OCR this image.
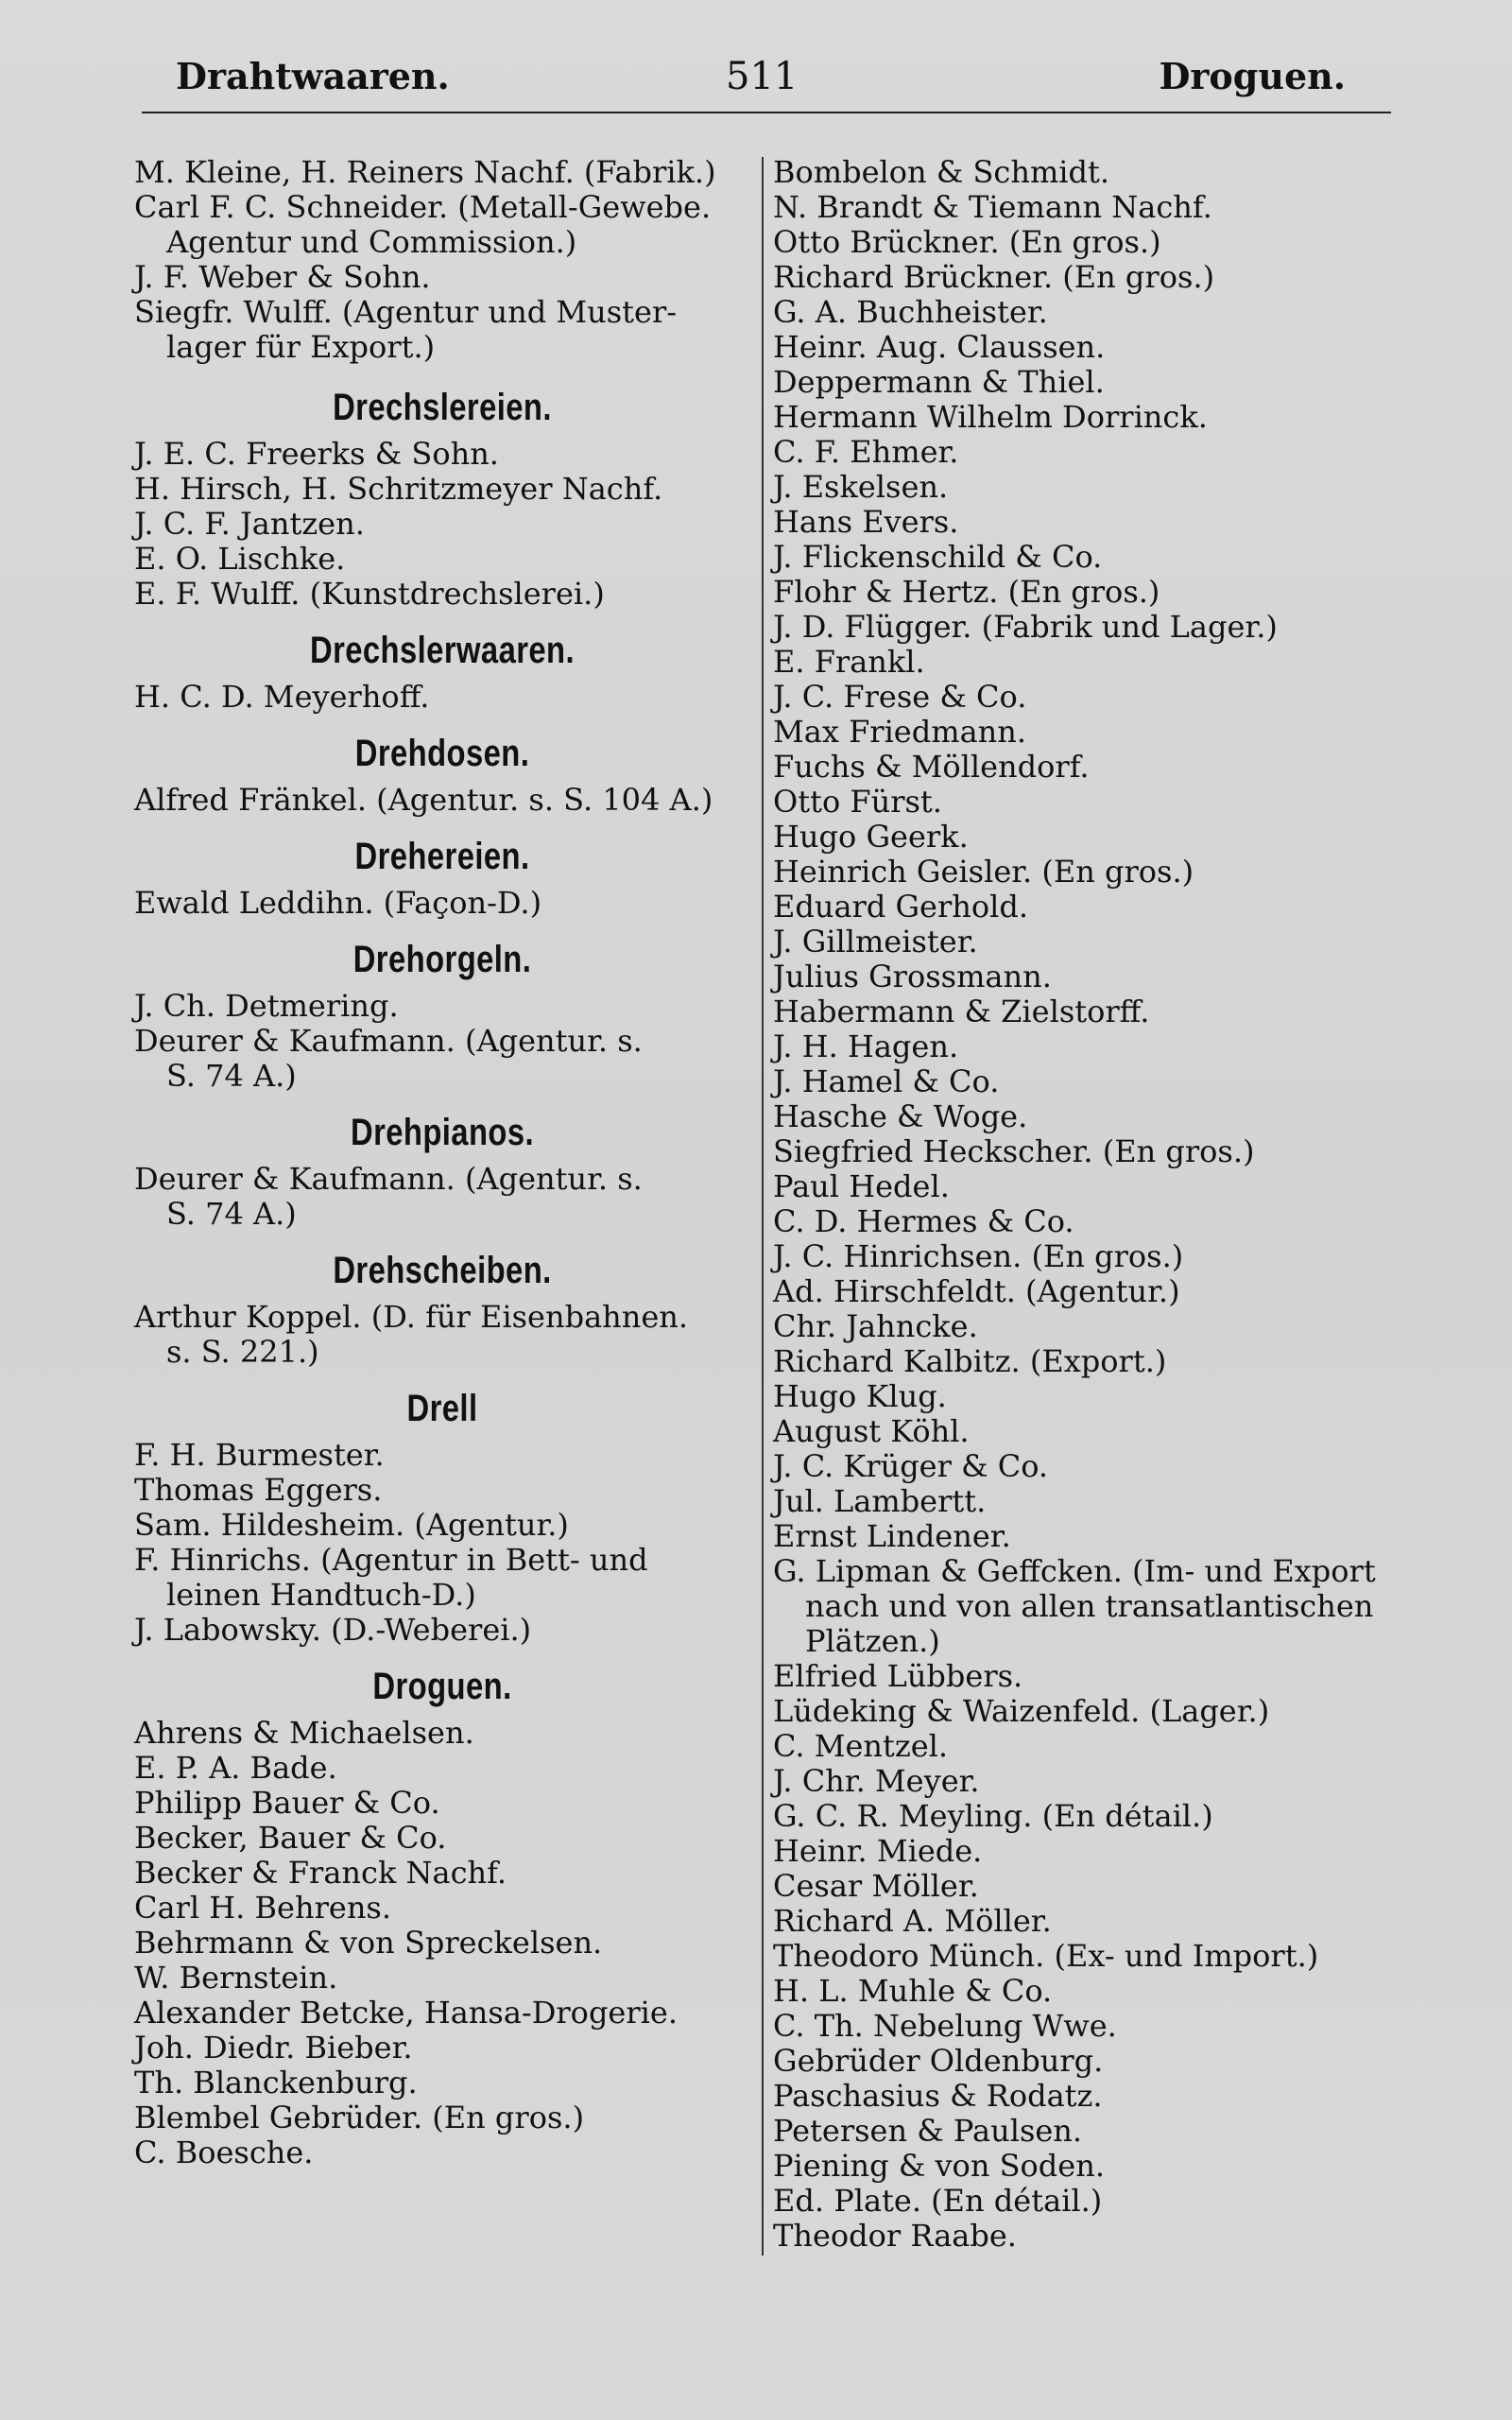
Drahtwaaren.	511	Droguen.
M. Kleine, H. Reiners Nachf. (Fabrik.)
Carl F. C. Schneider. (Metall-Gewebe.
Agentur und Commission.)
J. F. Weber & Sohn.
Siegfr. Wulff. (Agentur und Muster-
lager für Export.)
Drechslereien.
J. E. C. Freerks & Sohn.
H. Hirsch, H. Schritzmeyer Nachf.
J. C. F. Jantzen.
E. O. Lischke.
E. F. Wulff. (Kunstdrechslerei.)
Drechslerwaaren.
H. C. D. Meyerhoff.
Drehdosen.
Alfred Fränkel. (Agentur. s. S. 104 A.)
Drehereien.
Ewald Leddihn. (Façon-D.)
Drehorgeln.
J. Ch. Detmering.
Deurer & Kaufmann. (Agentur. s.
S. 74 A.)
Drehpianos.
Deurer & Kaufmann. (Agentur. s.
S. 74 A.)
Drehscheiben.
Arthur Koppel. (D. für Eisenbahnen.
s. S. 221.)
Drell
F. H. Burmester.
Thomas Eggers.
Sam. Hildesheim. (Agentur.)
F. Hinrichs. (Agentur in Bett- und
leinen Handtuch-D.)
J. Labowsky. (D.-Weberei.)
Droguen.
Ahrens & Michaelsen.
E. P. A. Bade.
Philipp Bauer & Co.
Becker, Bauer & Co.
Becker & Franck Nachf.
Carl H. Behrens.
Behrmann & von Spreckelsen.
W. Bernstein.
Alexander Betcke, Hansa-Drogerie.
Joh. Diedr. Bieber.
Th. Blanckenburg.
Blembel Gebrüder. (En gros.)
C. Boesche.
Bombelon & Schmidt.
N. Brandt & Tiemann Nachf.
Otto Brückner. (En gros.)
Richard Brückner. (En gros.)
G. A. Buchheister.
Heinr. Aug. Claussen.
Deppermann & Thiel.
Hermann Wilhelm Dorrinck.
C. F. Ehmer.
J. Eskelsen.
Hans Evers.
J. Flickenschild & Co.
Flohr & Hertz. (En gros.)
J. D. Flügger. (Fabrik und Lager.)
E. Frankl.
J. C. Frese & Co.
Max Friedmann.
Fuchs & Möllendorf.
Otto Fürst.
Hugo Geerk.
Heinrich Geisler. (En gros.)
Eduard Gerhold.
J. Gillmeister.
Julius Grossmann.
Habermann & Zielstorff.
J. H. Hagen.
J. Hamel & Co.
Hasche & Woge.
Siegfried Heckscher. (En gros.)
Paul Hedel.
C. D. Hermes & Co.
J. C. Hinrichsen. (En gros.)
Ad. Hirschfeldt. (Agentur.)
Chr. Jahncke.
Richard Kalbitz. (Export.)
Hugo Klug.
August Köhl.
J. C. Krüger & Co.
Jul. Lambertt.
Ernst Lindener.
G. Lipman & Geffcken. (Im- und Export
nach und von allen transatlantischen
Plätzen.)
Elfried Lübbers.
Lüdeking & Waizenfeld. (Lager.)
C. Mentzel.
J. Chr. Meyer.
G. C. R. Meyling. (En détail.)
Heinr. Miede.
Cesar Möller.
Richard A. Möller.
Theodoro Münch. (Ex- und Import.)
H. L. Muhle & Co.
C. Th. Nebelung Wwe.
Gebrüder Oldenburg.
Paschasius & Rodatz.
Petersen & Paulsen.
Piening & von Soden.
Ed. Plate. (En détail.)
Theodor Raabe.
